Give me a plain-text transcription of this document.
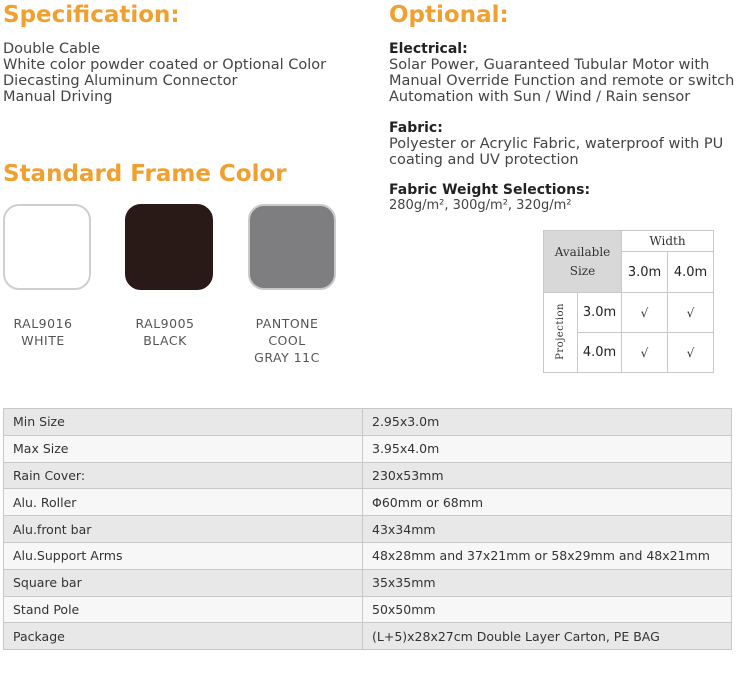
Specification:
Double Cable
White color powder coated or Optional Color
Diecasting Aluminum Connector
Manual Driving
Standard Frame Color
RAL9016
WHITE
RAL9005
BLACK
PANTONE
COOL
GRAY 11C
Optional:
Electrical:
Solar Power, Guaranteed Tubular Motor with
Manual Override Function and remote or switch
Automation with Sun / Wind / Rain sensor
Fabric:
Polyester or Acrylic Fabric, waterproof with PU
coating and UV protection
Fabric Weight Selections:
280g/m², 300g/m², 320g/m²
Available
Size		Width	
		3.0m	4.0m
Projection	3.0m	√	√
	4.0m	√	√
Min Size	2.95x3.0m
Max Size	3.95x4.0m
Rain Cover:	230x53mm
Alu. Roller	Φ60mm or 68mm
Alu.front bar	43x34mm
Alu.Support Arms	48x28mm and 37x21mm or 58x29mm and 48x21mm
Square bar	35x35mm
Stand Pole	50x50mm
Package	(L+5)x28x27cm Double Layer Carton, PE BAG
